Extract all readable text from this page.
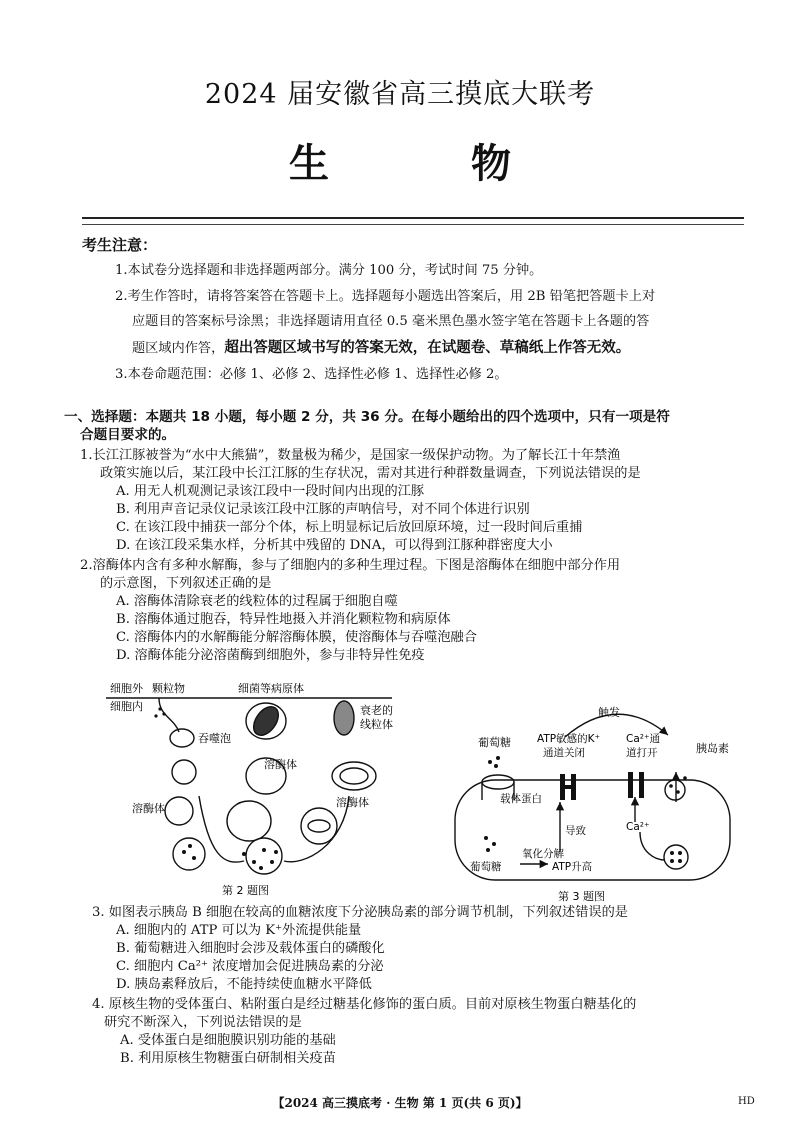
2024 届安徽省高三摸底大联考
生 物
考生注意：
1.本试卷分选择题和非选择题两部分。满分 100 分，考试时间 75 分钟。
2.考生作答时，请将答案答在答题卡上。选择题每小题选出答案后，用 2B 铅笔把答题卡上对
应题目的答案标号涂黑；非选择题请用直径 0.5 毫米黑色墨水签字笔在答题卡上各题的答
题区域内作答，超出答题区域书写的答案无效，在试题卷、草稿纸上作答无效。
3.本卷命题范围：必修 1、必修 2、选择性必修 1、选择性必修 2。
一、选择题：本题共 18 小题，每小题 2 分，共 36 分。在每小题给出的四个选项中，只有一项是符
合题目要求的。
1.长江江豚被誉为“水中大熊猫”，数量极为稀少，是国家一级保护动物。为了解长江十年禁渔
政策实施以后，某江段中长江江豚的生存状况，需对其进行种群数量调查，下列说法错误的是
A. 用无人机观测记录该江段中一段时间内出现的江豚
B. 利用声音记录仪记录该江段中江豚的声呐信号，对不同个体进行识别
C. 在该江段中捕获一部分个体，标上明显标记后放回原环境，过一段时间后重捕
D. 在该江段采集水样，分析其中残留的 DNA，可以得到江豚种群密度大小
2.溶酶体内含有多种水解酶，参与了细胞内的多种生理过程。下图是溶酶体在细胞中部分作用
的示意图，下列叙述正确的是
A. 溶酶体清除衰老的线粒体的过程属于细胞自噬
B. 溶酶体通过胞吞，特异性地摄入并消化颗粒物和病原体
C. 溶酶体内的水解酶能分解溶酶体膜，使溶酶体与吞噬泡融合
D. 溶酶体能分泌溶菌酶到细胞外，参与非特异性免疫
细胞外 颗粒物	细菌等病原体
细胞内
吞噬泡
衰老的
线粒体
溶酶体
溶酶体	溶酶体
第 2 题图
触发
葡萄糖 ATP敏感的K⁺
通道关闭
Ca²⁺通
道打开	胰岛素
载体蛋白
导致	Ca²⁺
氧化分解
葡萄糖	ATP升高
第 3 题图
3. 如图表示胰岛 B 细胞在较高的血糖浓度下分泌胰岛素的部分调节机制，下列叙述错误的是
A. 细胞内的 ATP 可以为 K⁺外流提供能量
B. 葡萄糖进入细胞时会涉及载体蛋白的磷酸化
C. 细胞内 Ca²⁺ 浓度增加会促进胰岛素的分泌
D. 胰岛素释放后，不能持续使血糖水平降低
4. 原核生物的受体蛋白、粘附蛋白是经过糖基化修饰的蛋白质。目前对原核生物蛋白糖基化的
研究不断深入，下列说法错误的是
A. 受体蛋白是细胞膜识别功能的基础
B. 利用原核生物糖蛋白研制相关疫苗
【2024 高三摸底考 · 生物 第 1 页(共 6 页)】	HD
